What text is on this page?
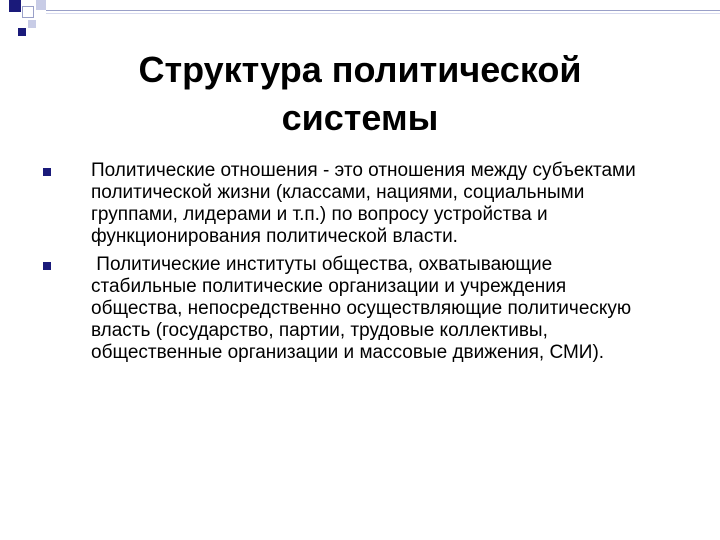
Структура политической
системы
Политические отношения - это отношения между субъектами политической жизни (классами, нациями, социальными группами, лидерами и т.п.) по вопросу устройства и функционирования политической власти.
Политические институты общества, охватывающие стабильные политические организации и учреждения общества, непосредственно осуществляющие политическую власть (государство, партии, трудовые коллективы, общественные организации и массовые движения, СМИ).
